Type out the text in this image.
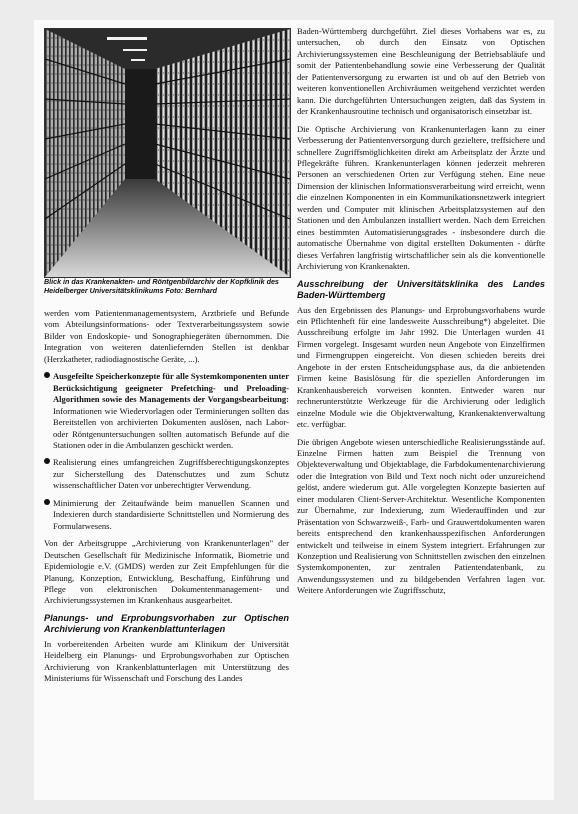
Blick in das Krankenakten- und Röntgenbildarchiv der Kopfklinik des Heidelberger Universitätsklinikums Foto: Bernhard

werden vom Patientenmanagementsystem, Arztbriefe und Befunde vom Abteilungsinformations- oder Textverarbeitungssystem sowie Bilder von Endoskopie- und Sonographiegeräten übernommen. Die Integration von weiteren datenliefernden Stellen ist denkbar (Herzkatheter, radiodiagnostische Geräte, ...).

Ausgefeilte Speicherkonzepte für alle Systemkomponenten unter Berücksichtigung geeigneter Prefetching- und Preloading-Algorithmen sowie des Managements der Vorgangsbearbeitung: Informationen wie Wiedervorlagen oder Terminierungen sollten das Bereitstellen von archivierten Dokumenten auslösen, nach Labor- oder Röntgenuntersuchungen sollten automatisch Befunde auf die Stationen oder in die Ambulanzen geschickt werden.

Realisierung eines umfangreichen Zugriffsberechtigungskonzeptes zur Sicherstellung des Datenschutzes und zum Schutz wissenschaftlicher Daten vor unberechtigter Verwendung.

Minimierung der Zeitaufwände beim manuellen Scannen und Indexieren durch standardisierte Schnittstellen und Normierung des Formularwesens.

Von der Arbeitsgruppe „Archivierung von Krankenunterlagen" der Deutschen Gesellschaft für Medizinische Informatik, Biometrie und Epidemiologie e.V. (GMDS) werden zur Zeit Empfehlungen für die Planung, Konzeption, Entwicklung, Beschaffung, Einführung und Pflege von elektronischen Dokumentenmanagement- und Archivierungssystemen im Krankenhaus ausgearbeitet.

Planungs- und Erprobungsvorhaben zur Optischen Archivierung von Krankenblattunterlagen

In vorbereitenden Arbeiten wurde am Klinikum der Universität Heidelberg ein Planungs- und Erprobungsvorhaben zur Optischen Archivierung von Krankenblattunterlagen mit Unterstützung des Ministeriums für Wissenschaft und Forschung des Landes

Baden-Württemberg durchgeführt. Ziel dieses Vorhabens war es, zu untersuchen, ob durch den Einsatz von Optischen Archivierungssystemen eine Beschleunigung der Betriebsabläufe und somit der Patientenbehandlung sowie eine Verbesserung der Qualität der Patientenversorgung zu erwarten ist und ob auf den Betrieb von weiteren konventionellen Archivräumen weitgehend verzichtet werden kann. Die durchgeführten Untersuchungen zeigten, daß das System in der Krankenhausroutine technisch und organisatorisch einsetzbar ist.

Die Optische Archivierung von Krankenunterlagen kann zu einer Verbesserung der Patientenversorgung durch gezieltere, treffsichere und schnellere Zugriffsmöglichkeiten direkt am Arbeitsplatz der Ärzte und Pflegekräfte führen. Krankenunterlagen können jederzeit mehreren Personen an verschiedenen Orten zur Verfügung stehen. Eine neue Dimension der klinischen Informationsverarbeitung wird erreicht, wenn die einzelnen Komponenten in ein Kommunikationsnetzwerk integriert werden und Computer mit klinischen Arbeitsplatzsystemen auf den Stationen und den Ambulanzen installiert werden. Nach dem Erreichen eines bestimmten Automatisierungsgrades - insbesondere durch die automatische Übernahme von digital erstellten Dokumenten - dürfte dieses Verfahren langfristig wirtschaftlicher sein als die konventionelle Archivierung von Krankenakten.

Ausschreibung der Universitätsklinika des Landes Baden-Württemberg

Aus den Ergebnissen des Planungs- und Erprobungsvorhabens wurde ein Pflichtenheft für eine landesweite Ausschreibung*) abgeleitet. Die Ausschreibung erfolgte im Jahr 1992. Die Unterlagen wurden 41 Firmen vorgelegt. Insgesamt wurden neun Angebote von Einzelfirmen und Firmengruppen eingereicht. Von diesen schieden bereits drei Angebote in der ersten Entscheidungsphase aus, da die anbietenden Firmen keine Basislösung für die speziellen Anforderungen im Krankenhausbereich vorweisen konnten. Entweder waren nur rechnerunterstützte Werkzeuge für die Archivierung oder lediglich einzelne Module wie die Objektverwaltung, Krankenaktenverwaltung etc. verfügbar.

Die übrigen Angebote wiesen unterschiedliche Realisierungsstände auf. Einzelne Firmen hatten zum Beispiel die Trennung von Objekteverwaltung und Objektablage, die Farbdokumentenarchivierung oder die Integration von Bild und Text noch nicht oder unzureichend gelöst, andere wiederum gut. Alle vorgelegten Konzepte basierten auf einer modularen Client-Server-Architektur. Wesentliche Komponenten zur Übernahme, zur Indexierung, zum Wiederauffinden und zur Präsentation von Schwarzweiß-, Farb- und Grauwertdokumenten waren bereits entsprechend den krankenhausspezifischen Anforderungen entwickelt und teilweise in einem System integriert. Erfahrungen zur Konzeption und Realisierung von Schnittstellen zwischen den einzelnen Systemkomponenten, zur zentralen Patientendatenbank, zu Anwendungssystemen und zu bildgebenden Verfahren lagen vor. Weitere Anforderungen wie Zugriffsschutz,
